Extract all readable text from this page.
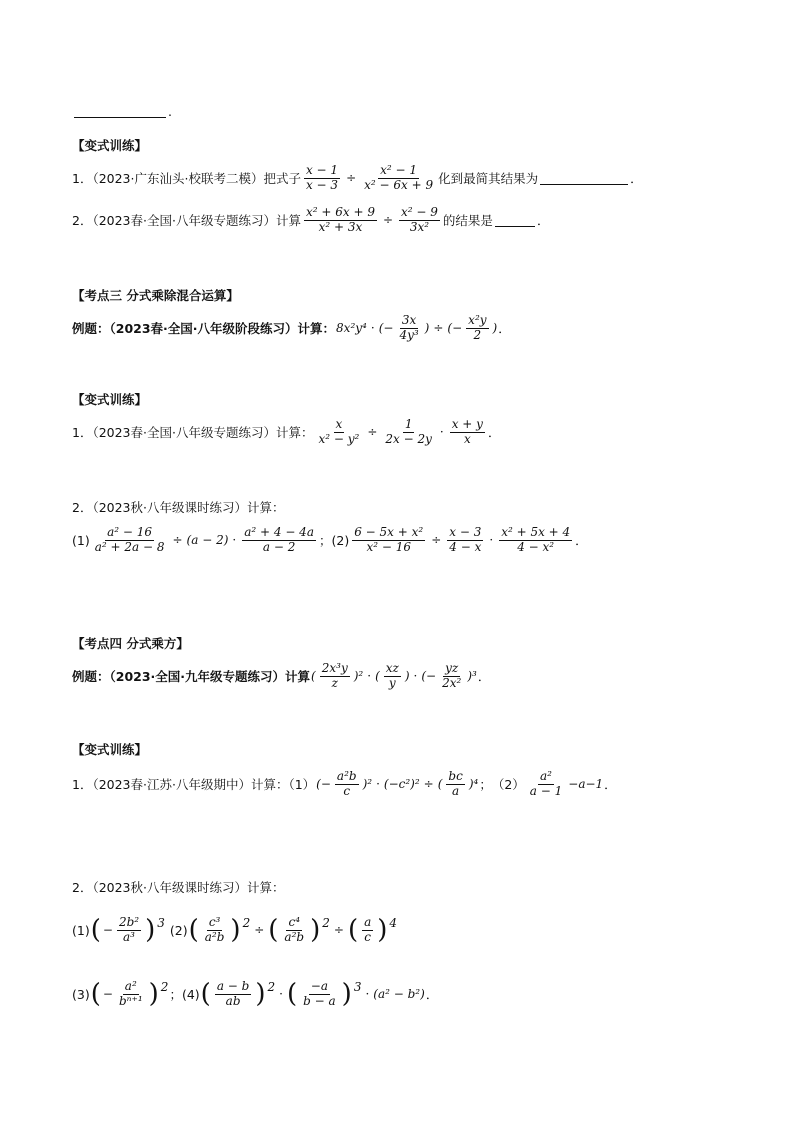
.
【变式训练】
1．（2023·广东汕头·校联考二模）把式子 $\frac{x - 1}{x - 3} \div \frac{\text{x² − 1}}{\text{x² − 6x + 9}}$ 化到最简其结果为	．
2．（2023春·全国·八年级专题练习）计算 $\frac{\text{x² + 6x + 9}}{\text{x² + 3x}} \div \frac{\text{x² − 9}}{\text{3x²}}$ 的结果是	．
【考点三 分式乘除混合运算】
例题：（2023春·全国·八年级阶段练习）计算： 8x²y⁴ · (− $\frac{3x}{\text{4y³}}$ ) ÷ (− $\frac{\text{x²y}}{2}$ ) ．
【变式训练】
1．（2023春·全国·八年级专题练习）计算： $\frac{x}{\text{x² − y²}} \div \frac{1}{2x - 2y} \cdot \frac{x + y}{x}$ ．
2．（2023秋·八年级课时练习）计算：
$(1) \frac{\text{a² − 16}}{\text{a² + 2a − 8}} \div (a - 2) \cdot \frac{\text{a² + 4 − 4a}}{a - 2}$ ； $(2) \frac{\text{6 − 5x + x²}}{\text{x² − 16}} \div \frac{x - 3}{4 - x} \cdot \frac{\text{x² + 5x + 4}}{\text{4 − x²}}$ ．
【考点四 分式乘方】
例题：（2023·全国·九年级专题练习）计算 ( $\frac{\text{2x³y}}{z} )^2$ · ( $\frac{xz}{y}$ ) · (− $\frac{yz}{\text{2x²}} )^3$ ．
【变式训练】
1．（2023春·江苏·八年级期中）计算：（1） (− $\frac{\text{a²b}}{c} )^2 \cdot (-c^2)^2$ ÷ ( $\frac{bc}{a} )^4$ ；　$(2) \frac{\text{a²}}{a - 1} -a-1$ ．
2．（2023秋·八年级课时练习）计算：
(1) ( − $\frac{\text{2b²}}{\text{a³}}$ ) 3 (2) ( $\frac{\text{c³}}{\text{a²b}}$ ) 2
÷ ( $\frac{\text{c⁴}}{\text{a²b}}$ ) 2
÷ ( $\frac{a}{c}$ ) 4
(3) ( − $\frac{\text{a²}}{\text{bⁿ⁺¹}}$ ) 2
； (4) ( $\frac{a - b}{ab}$ ) 2
· ( $\frac{-a}{b - a}$ ) 3
· (a² − b²) ．
